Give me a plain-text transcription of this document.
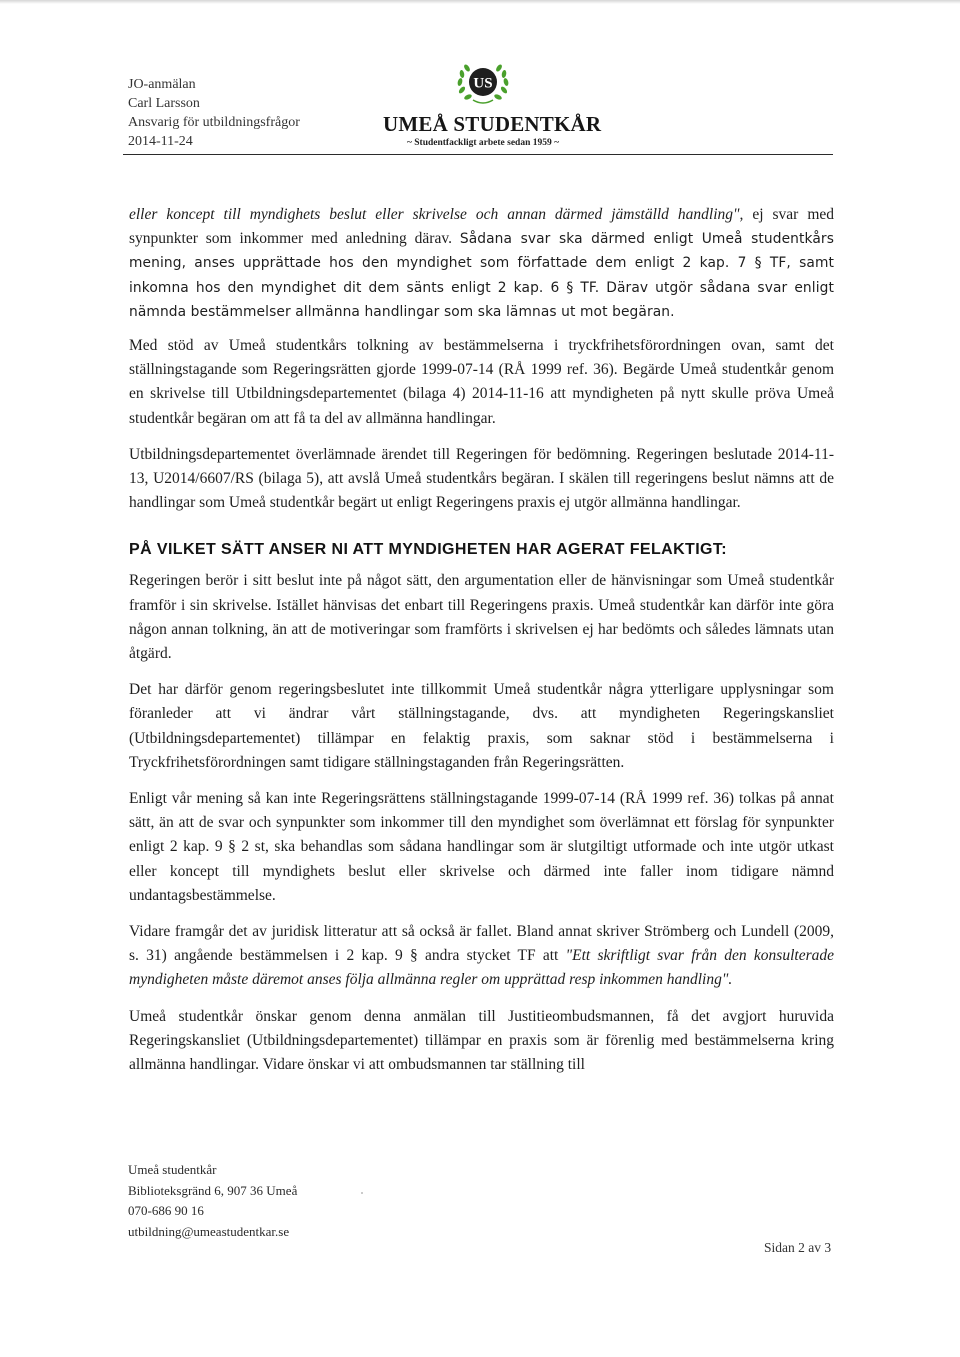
JO-anmälan
Carl Larsson
Ansvarig för utbildningsfrågor
2014-11-24
US
UMEÅ STUDENTKÅR
~ Studentfackligt arbete sedan 1959 ~

eller koncept till myndighets beslut eller skrivelse och annan därmed jämställd handling", ej svar med synpunkter som inkommer med anledning därav. Sådana svar ska därmed enligt Umeå studentkårs mening, anses upprättade hos den myndighet som författade dem enligt 2 kap. 7 § TF, samt inkomna hos den myndighet dit dem sänts enligt 2 kap. 6 § TF. Därav utgör sådana svar enligt nämnda bestämmelser allmänna handlingar som ska lämnas ut mot begäran.

Med stöd av Umeå studentkårs tolkning av bestämmelserna i tryckfrihetsförordningen ovan, samt det ställningstagande som Regeringsrätten gjorde 1999-07-14 (RÅ 1999 ref. 36). Begärde Umeå studentkår genom en skrivelse till Utbildningsdepartementet (bilaga 4) 2014-11-16 att myndigheten på nytt skulle pröva Umeå studentkår begäran om att få ta del av allmänna handlingar.

Utbildningsdepartementet överlämnade ärendet till Regeringen för bedömning. Regeringen beslutade 2014-11-13, U2014/6607/RS (bilaga 5), att avslå Umeå studentkårs begäran. I skälen till regeringens beslut nämns att de handlingar som Umeå studentkår begärt ut enligt Regeringens praxis ej utgör allmänna handlingar.

PÅ VILKET SÄTT ANSER NI ATT MYNDIGHETEN HAR AGERAT FELAKTIGT:

Regeringen berör i sitt beslut inte på något sätt, den argumentation eller de hänvisningar som Umeå studentkår framför i sin skrivelse. Istället hänvisas det enbart till Regeringens praxis. Umeå studentkår kan därför inte göra någon annan tolkning, än att de motiveringar som framförts i skrivelsen ej har bedömts och således lämnats utan åtgärd.

Det har därför genom regeringsbeslutet inte tillkommit Umeå studentkår några ytterligare upplysningar som föranleder att vi ändrar vårt ställningstagande, dvs. att myndigheten Regeringskansliet (Utbildningsdepartementet) tillämpar en felaktig praxis, som saknar stöd i bestämmelserna i Tryckfrihetsförordningen samt tidigare ställningstaganden från Regeringsrätten.

Enligt vår mening så kan inte Regeringsrättens ställningstagande 1999-07-14 (RÅ 1999 ref. 36) tolkas på annat sätt, än att de svar och synpunkter som inkommer till den myndighet som överlämnat ett förslag för synpunkter enligt 2 kap. 9 § 2 st, ska behandlas som sådana handlingar som är slutgiltigt utformade och inte utgör utkast eller koncept till myndighets beslut eller skrivelse och därmed inte faller inom tidigare nämnd undantagsbestämmelse.

Vidare framgår det av juridisk litteratur att så också är fallet. Bland annat skriver Strömberg och Lundell (2009, s. 31) angående bestämmelsen i 2 kap. 9 § andra stycket TF att "Ett skriftligt svar från den konsulterade myndigheten måste däremot anses följa allmänna regler om upprättad resp inkommen handling".

Umeå studentkår önskar genom denna anmälan till Justitieombudsmannen, få det avgjort huruvida Regeringskansliet (Utbildningsdepartementet) tillämpar en praxis som är förenlig med bestämmelserna kring allmänna handlingar. Vidare önskar vi att ombudsmannen tar ställning till

Umeå studentkår
Biblioteksgränd 6, 907 36 Umeå
070-686 90 16
utbildning@umeastudentkar.se
Sidan 2 av 3
